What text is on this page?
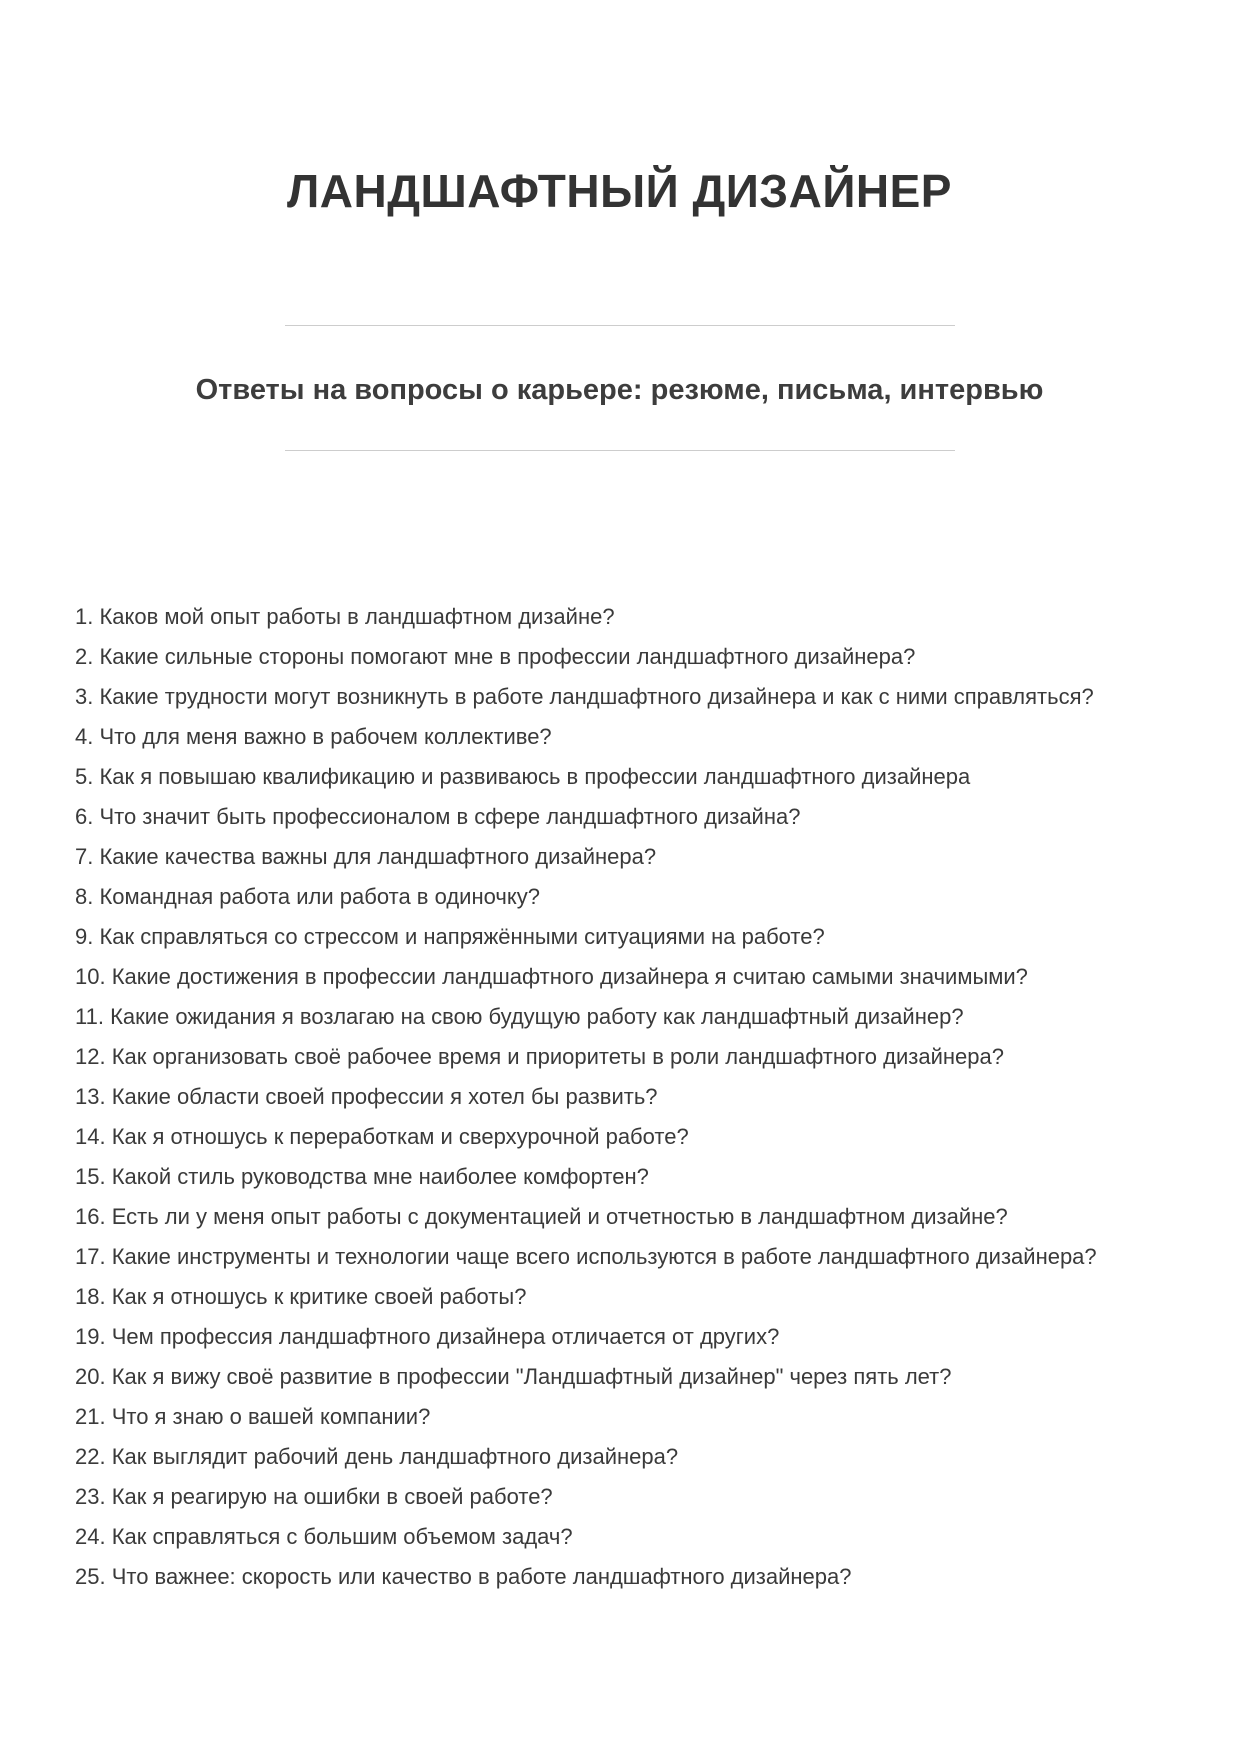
ЛАНДШАФТНЫЙ ДИЗАЙНЕР
Ответы на вопросы о карьере: резюме, письма, интервью

1. Каков мой опыт работы в ландшафтном дизайне?

2. Какие сильные стороны помогают мне в профессии ландшафтного дизайнера?

3. Какие трудности могут возникнуть в работе ландшафтного дизайнера и как с ними справляться?

4. Что для меня важно в рабочем коллективе?

5. Как я повышаю квалификацию и развиваюсь в профессии ландшафтного дизайнера

6. Что значит быть профессионалом в сфере ландшафтного дизайна?

7. Какие качества важны для ландшафтного дизайнера?

8. Командная работа или работа в одиночку?

9. Как справляться со стрессом и напряжёнными ситуациями на работе?

10. Какие достижения в профессии ландшафтного дизайнера я считаю самыми значимыми?

11. Какие ожидания я возлагаю на свою будущую работу как ландшафтный дизайнер?

12. Как организовать своё рабочее время и приоритеты в роли ландшафтного дизайнера?

13. Какие области своей профессии я хотел бы развить?

14. Как я отношусь к переработкам и сверхурочной работе?

15. Какой стиль руководства мне наиболее комфортен?

16. Есть ли у меня опыт работы с документацией и отчетностью в ландшафтном дизайне?

17. Какие инструменты и технологии чаще всего используются в работе ландшафтного дизайнера?

18. Как я отношусь к критике своей работы?

19. Чем профессия ландшафтного дизайнера отличается от других?

20. Как я вижу своё развитие в профессии "Ландшафтный дизайнер" через пять лет?

21. Что я знаю о вашей компании?

22. Как выглядит рабочий день ландшафтного дизайнера?

23. Как я реагирую на ошибки в своей работе?

24. Как справляться с большим объемом задач?

25. Что важнее: скорость или качество в работе ландшафтного дизайнера?
